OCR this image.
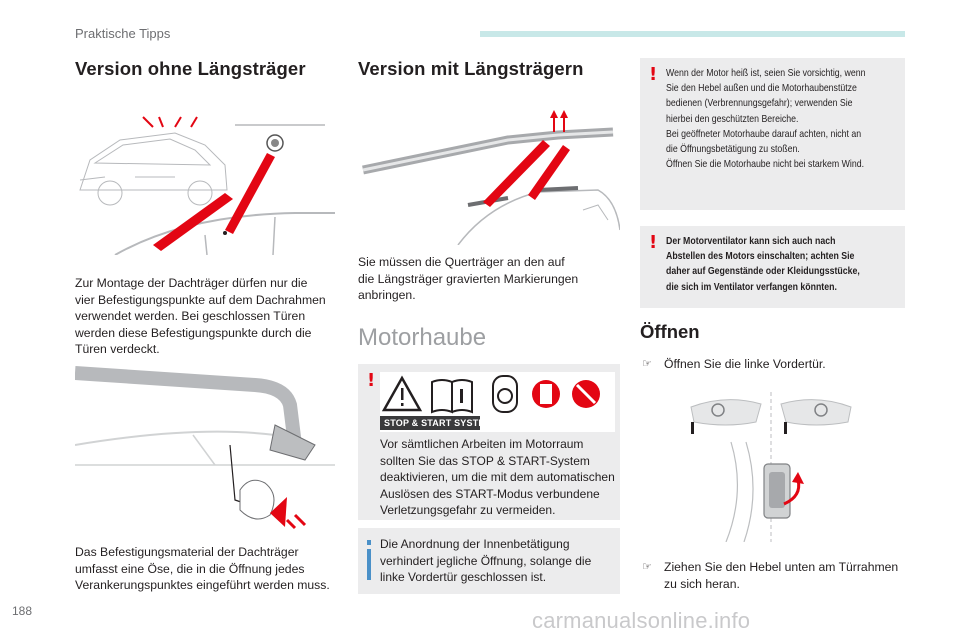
Praktische Tipps
Version ohne Längsträger
Zur Montage der Dachträger dürfen nur die
vier Befestigungspunkte auf dem Dachrahmen
verwendet werden. Bei geschlossen Türen
werden diese Befestigungspunkte durch die
Türen verdeckt.
Das Befestigungsmaterial der Dachträger
umfasst eine Öse, die in die Öffnung jedes
Verankerungspunktes eingeführt werden muss.
Version mit Längsträgern
Sie müssen die Querträger an den auf
die Längsträger gravierten Markierungen
anbringen.
Motorhaube
!
STOP & START SYSTEM
Vor sämtlichen Arbeiten im Motorraum
sollten Sie das STOP & START-System
deaktivieren, um die mit dem automatischen
Auslösen des START-Modus verbundene
Verletzungsgefahr zu vermeiden.
Die Anordnung der Innenbetätigung
verhindert jegliche Öffnung, solange die
linke Vordertür geschlossen ist.
! Wenn der Motor heiß ist, seien Sie vorsichtig, wenn
Sie den Hebel außen und die Motorhaubenstütze
bedienen (Verbrennungsgefahr); verwenden Sie
hierbei den geschützten Bereiche.
Bei geöffneter Motorhaube darauf achten, nicht an
die Öffnungsbetätigung zu stoßen.
Öffnen Sie die Motorhaube nicht bei starkem Wind.
! Der Motorventilator kann sich auch nach
Abstellen des Motors einschalten; achten Sie
daher auf Gegenstände oder Kleidungsstücke,
die sich im Ventilator verfangen könnten.
Öffnen
☞ Öffnen Sie die linke Vordertür.
☞ Ziehen Sie den Hebel unten am Türrahmen
zu sich heran.
188	carmanualsonline.info
